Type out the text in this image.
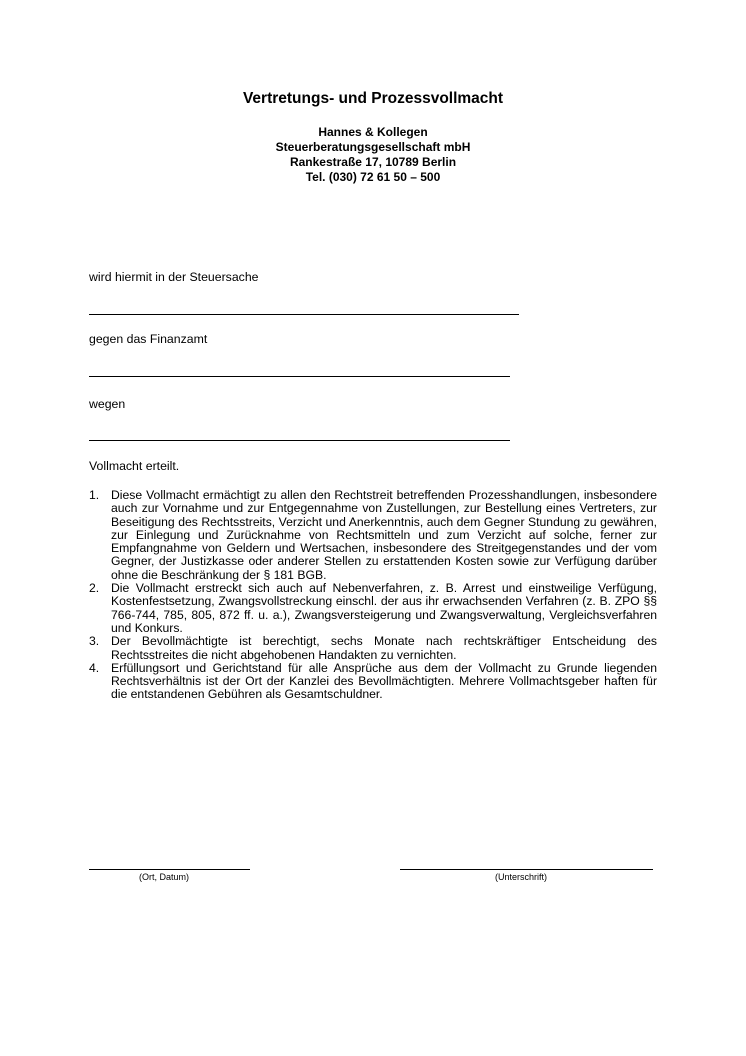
Vertretungs- und Prozessvollmacht
Hannes & Kollegen
Steuerberatungsgesellschaft mbH
Rankestraße 17, 10789 Berlin
Tel. (030) 72 61 50 – 500
wird hiermit in der Steuersache
gegen das Finanzamt
wegen
Vollmacht erteilt.
1. Diese Vollmacht ermächtigt zu allen den Rechtstreit betreffenden Prozesshandlungen, insbesondere auch zur Vornahme und zur Entgegennahme von Zustellungen, zur Bestellung eines Vertreters, zur Beseitigung des Rechtsstreits, Verzicht und Anerkenntnis, auch dem Gegner Stundung zu gewähren, zur Einlegung und Zurücknahme von Rechtsmitteln und zum Verzicht auf solche, ferner zur Empfangnahme von Geldern und Wertsachen, insbesondere des Streitgegenstandes und der vom Gegner, der Justizkasse oder anderer Stellen zu erstattenden Kosten sowie zur Verfügung darüber ohne die Beschränkung der § 181 BGB.
2. Die Vollmacht erstreckt sich auch auf Nebenverfahren, z. B. Arrest und einstweilige Verfügung, Kostenfestsetzung, Zwangsvollstreckung einschl. der aus ihr erwachsenden Verfahren (z. B. ZPO §§ 766-744, 785, 805, 872 ff. u. a.), Zwangsversteigerung und Zwangsverwaltung, Vergleichsverfahren und Konkurs.
3. Der Bevollmächtigte ist berechtigt, sechs Monate nach rechtskräftiger Entscheidung des Rechtsstreites die nicht abgehobenen Handakten zu vernichten.
4. Erfüllungsort und Gerichtstand für alle Ansprüche aus dem der Vollmacht zu Grunde liegenden Rechtsverhältnis ist der Ort der Kanzlei des Bevollmächtigten. Mehrere Vollmachtsgeber haften für die entstandenen Gebühren als Gesamtschuldner.
(Ort, Datum)	(Unterschrift)
